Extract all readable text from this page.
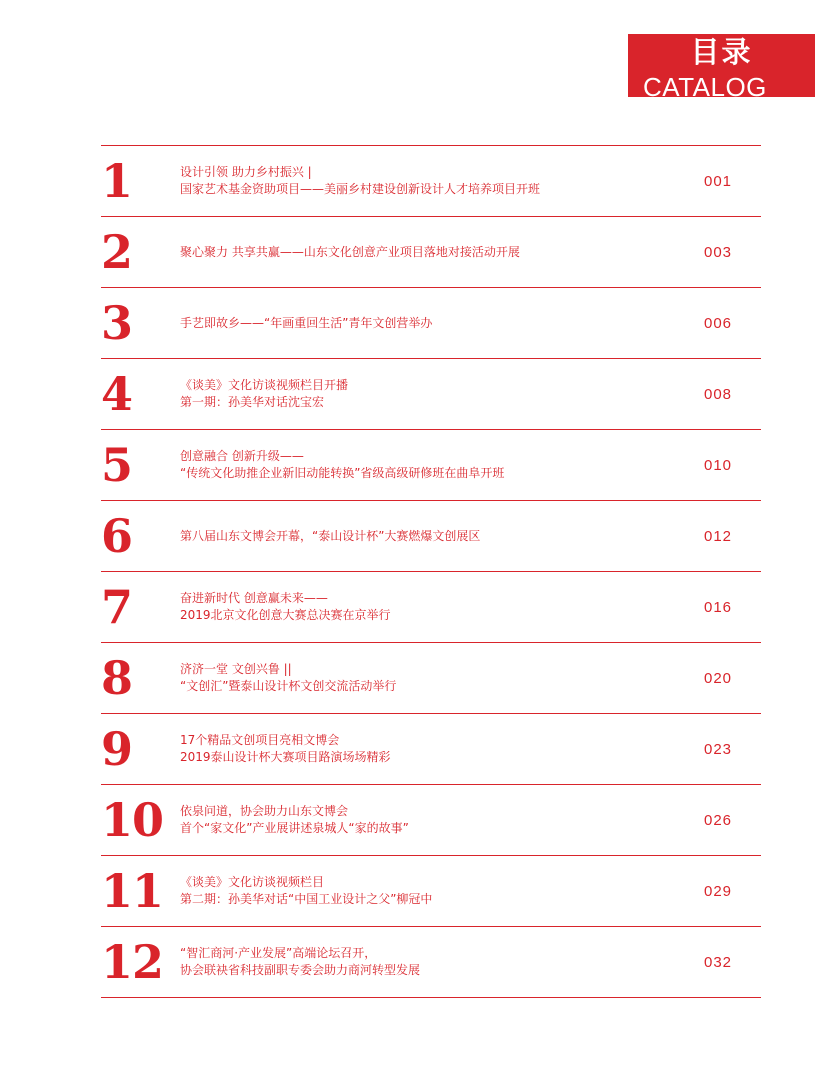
目录
CATALOG
1	设计引领 助力乡村振兴 |
国家艺术基金资助项目——美丽乡村建设创新设计人才培养项目开班	001
2	聚心聚力 共享共赢——山东文化创意产业项目落地对接活动开展	003
3	手艺即故乡——“年画重回生活”青年文创营举办	006
4	《谈美》文化访谈视频栏目开播
第一期：孙美华对话沈宝宏	008
5	创意融合 创新升级——
“传统文化助推企业新旧动能转换”省级高级研修班在曲阜开班	010
6	第八届山东文博会开幕，“泰山设计杯”大赛燃爆文创展区	012
7	奋进新时代 创意赢未来——
2019北京文化创意大赛总决赛在京举行	016
8	济济一堂 文创兴鲁 ||
“文创汇”暨泰山设计杯文创交流活动举行	020
9	17个精品文创项目亮相文博会
2019泰山设计杯大赛项目路演场场精彩	023
10	依泉问道，协会助力山东文博会
首个“家文化”产业展讲述泉城人“家的故事”	026
11	《谈美》文化访谈视频栏目
第二期：孙美华对话“中国工业设计之父”柳冠中	029
12	“智汇商河·产业发展”高端论坛召开，
协会联袂省科技副职专委会助力商河转型发展	032
